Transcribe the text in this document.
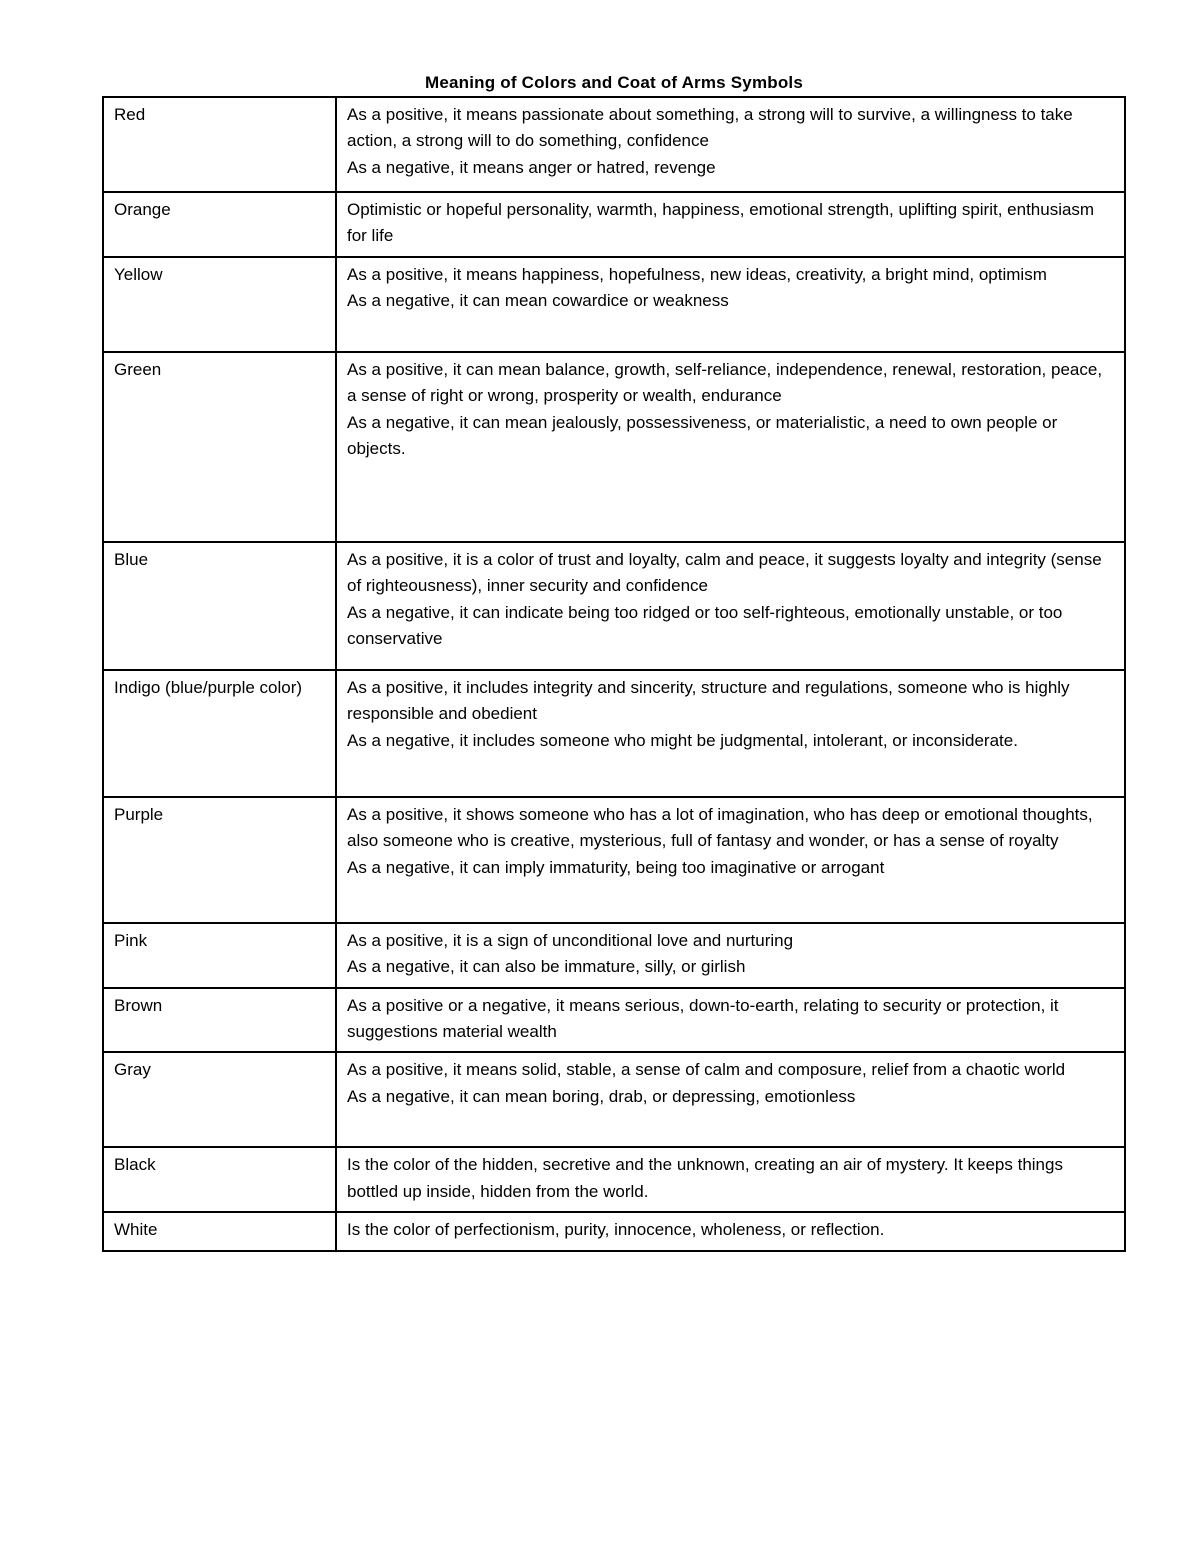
Meaning of Colors and Coat of Arms Symbols
Red	As a positive, it means passionate about something, a strong will to survive, a willingness to take action, a strong will to do something, confidence

As a negative, it means anger or hatred, revenge

Orange	Optimistic or hopeful personality, warmth, happiness, emotional strength, uplifting spirit, enthusiasm for life

Yellow	As a positive, it means happiness, hopefulness, new ideas, creativity, a bright mind, optimism

As a negative, it can mean cowardice or weakness

Green	As a positive, it can mean balance, growth, self-reliance, independence, renewal, restoration, peace, a sense of right or wrong, prosperity or wealth, endurance

As a negative, it can mean jealously, possessiveness, or materialistic, a need to own people or objects.

Blue	As a positive, it is a color of trust and loyalty, calm and peace, it suggests loyalty and integrity (sense of righteousness), inner security and confidence

As a negative, it can indicate being too ridged or too self-righteous, emotionally unstable, or too conservative

Indigo (blue/purple color)	As a positive, it includes integrity and sincerity, structure and regulations, someone who is highly responsible and obedient

As a negative, it includes someone who might be judgmental, intolerant, or inconsiderate.

Purple	As a positive, it shows someone who has a lot of imagination, who has deep or emotional thoughts, also someone who is creative, mysterious, full of fantasy and wonder, or has a sense of royalty

As a negative, it can imply immaturity, being too imaginative or arrogant

Pink	As a positive, it is a sign of unconditional love and nurturing

As a negative, it can also be immature, silly, or girlish

Brown	As a positive or a negative, it means serious, down-to-earth, relating to security or protection, it suggestions material wealth

Gray	As a positive, it means solid, stable, a sense of calm and composure, relief from a chaotic world

As a negative, it can mean boring, drab, or depressing, emotionless

Black	Is the color of the hidden, secretive and the unknown, creating an air of mystery. It keeps things bottled up inside, hidden from the world.

White	Is the color of perfectionism, purity, innocence, wholeness, or reflection.
